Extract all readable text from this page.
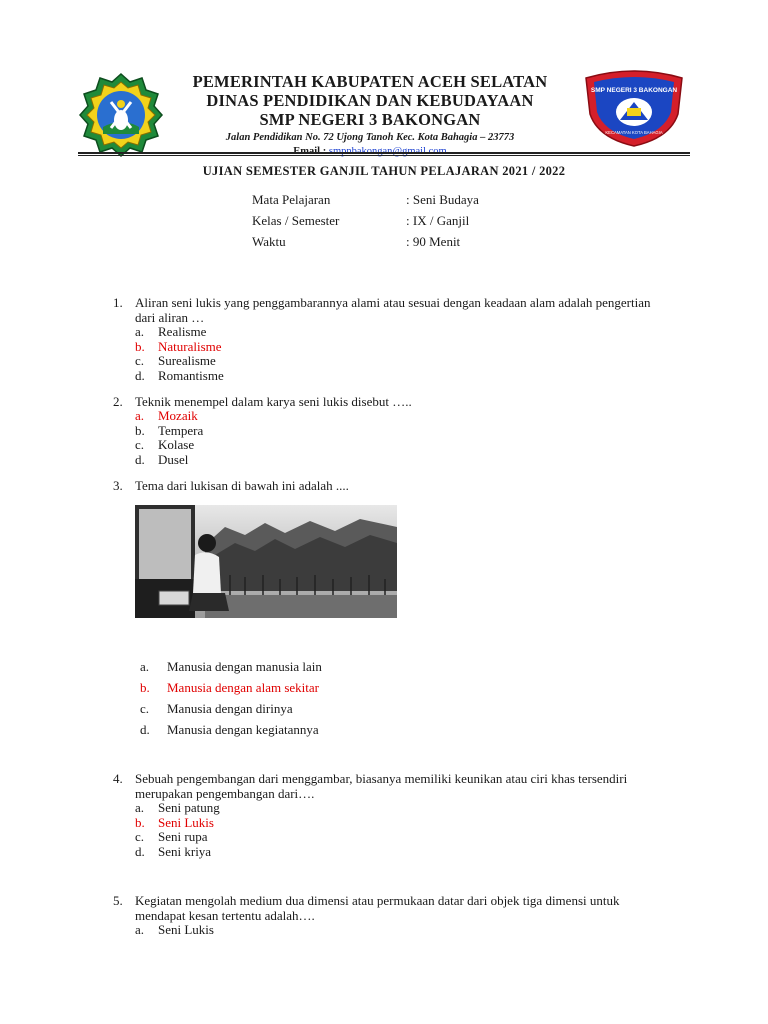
PEMERINTAH KABUPATEN ACEH SELATAN
DINAS PENDIDIKAN DAN KEBUDAYAAN
SMP NEGERI 3 BAKONGAN
Jalan Pendidikan No. 72 Ujong Tanoh Kec. Kota Bahagia – 23773
Email : smpnbakongan@gmail.com
SMP NEGERI 3 BAKONGAN
KECAMATAN KOTA BAHAGIA
UJIAN SEMESTER GANJIL TAHUN PELAJARAN 2021 / 2022
Mata Pelajaran	: Seni Budaya
Kelas / Semester	: IX / Ganjil
Waktu	: 90 Menit
1. Aliran seni lukis yang penggambarannya alami atau sesuai dengan keadaan alam adalah pengertian dari aliran …
a.	Realisme
b.	Naturalisme
c.	Surealisme
d.	Romantisme
2. Teknik menempel dalam karya seni lukis disebut …..
a.	Mozaik
b.	Tempera
c.	Kolase
d.	Dusel
3. Tema dari lukisan di bawah ini adalah ....
a.	Manusia dengan manusia lain
b.	Manusia dengan alam sekitar
c.	Manusia dengan dirinya
d.	Manusia dengan kegiatannya
4. Sebuah pengembangan dari menggambar, biasanya memiliki keunikan atau ciri khas tersendiri merupakan pengembangan dari….
a.	Seni patung
b.	Seni Lukis
c.	Seni rupa
d.	Seni kriya
5. Kegiatan mengolah medium dua dimensi atau permukaan datar dari objek tiga dimensi untuk mendapat kesan tertentu adalah….
a.	Seni Lukis
